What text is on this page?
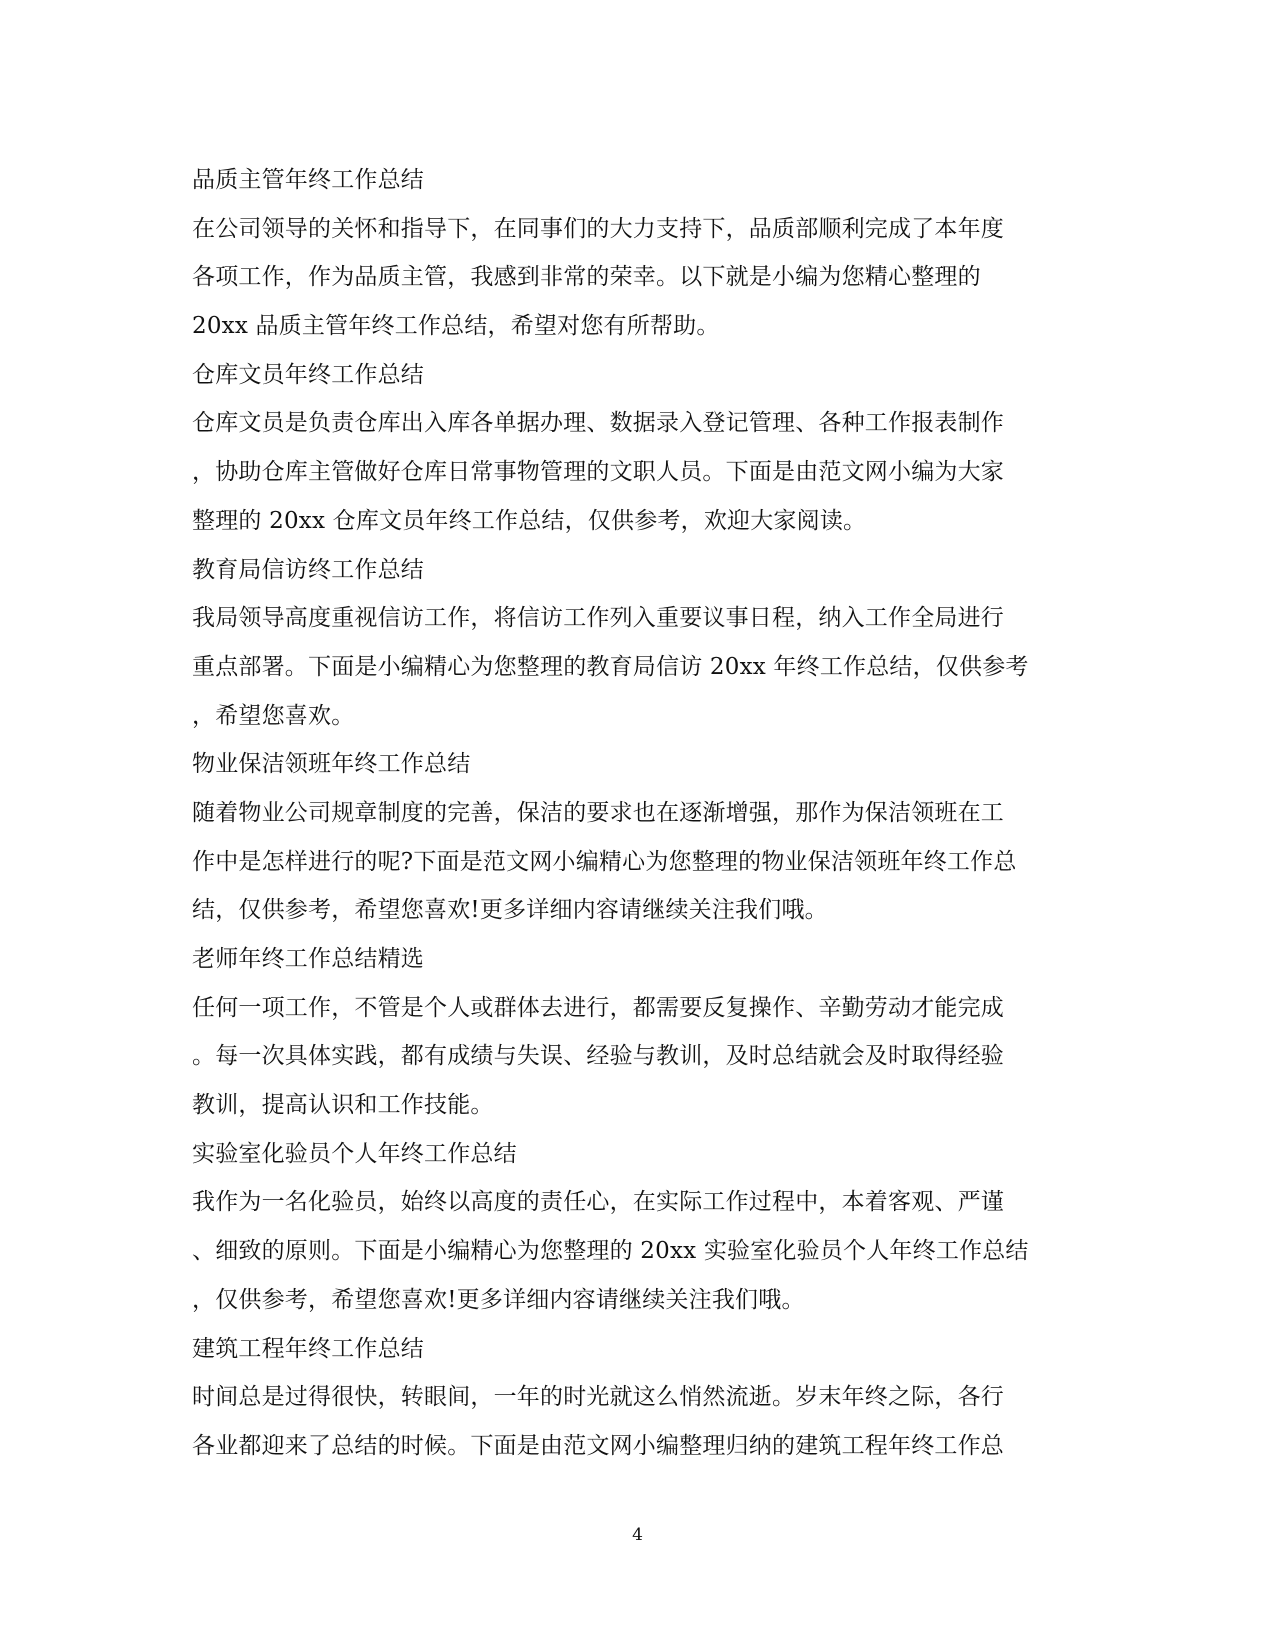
品质主管年终工作总结
在公司领导的关怀和指导下，在同事们的大力支持下，品质部顺利完成了本年度
各项工作，作为品质主管，我感到非常的荣幸。以下就是小编为您精心整理的
20xx 品质主管年终工作总结，希望对您有所帮助。
仓库文员年终工作总结
仓库文员是负责仓库出入库各单据办理、数据录入登记管理、各种工作报表制作
，协助仓库主管做好仓库日常事物管理的文职人员。下面是由范文网小编为大家
整理的 20xx 仓库文员年终工作总结，仅供参考，欢迎大家阅读。
教育局信访终工作总结
我局领导高度重视信访工作，将信访工作列入重要议事日程，纳入工作全局进行
重点部署。下面是小编精心为您整理的教育局信访 20xx 年终工作总结，仅供参考
，希望您喜欢。
物业保洁领班年终工作总结
随着物业公司规章制度的完善，保洁的要求也在逐渐增强，那作为保洁领班在工
作中是怎样进行的呢?下面是范文网小编精心为您整理的物业保洁领班年终工作总
结，仅供参考，希望您喜欢!更多详细内容请继续关注我们哦。
老师年终工作总结精选
任何一项工作，不管是个人或群体去进行，都需要反复操作、辛勤劳动才能完成
。每一次具体实践，都有成绩与失误、经验与教训，及时总结就会及时取得经验
教训，提高认识和工作技能。
实验室化验员个人年终工作总结
我作为一名化验员，始终以高度的责任心，在实际工作过程中，本着客观、严谨
、细致的原则。下面是小编精心为您整理的 20xx 实验室化验员个人年终工作总结
，仅供参考，希望您喜欢!更多详细内容请继续关注我们哦。
建筑工程年终工作总结
时间总是过得很快，转眼间，一年的时光就这么悄然流逝。岁末年终之际，各行
各业都迎来了总结的时候。下面是由范文网小编整理归纳的建筑工程年终工作总
4
